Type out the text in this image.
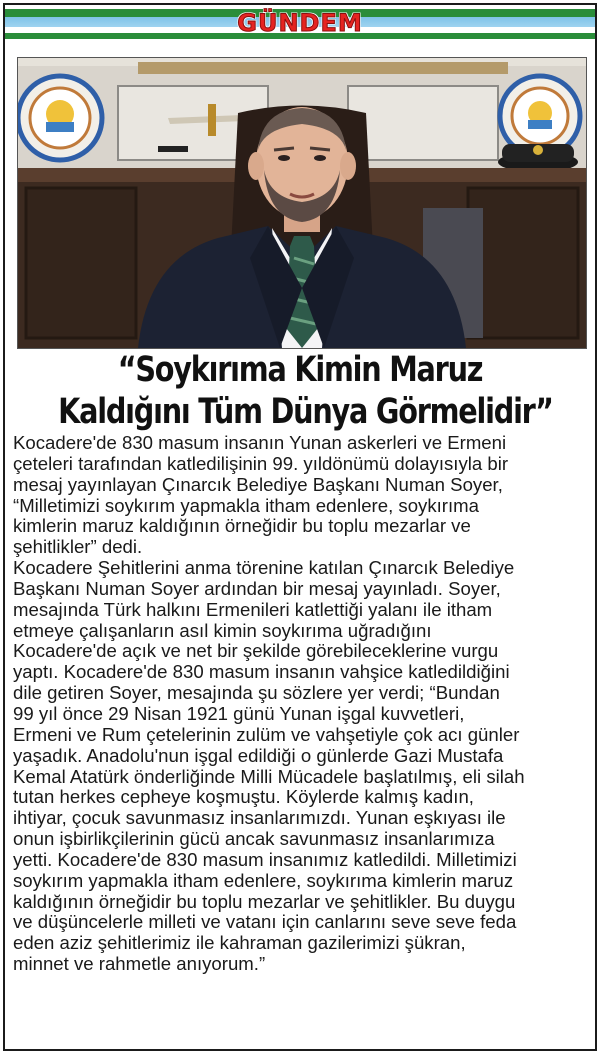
GÜNDEM
“Soykırıma Kimin Maruz
Kaldığını Tüm Dünya Görmelidir”
Kocadere'de 830 masum insanın Yunan askerleri ve Ermeni
çeteleri tarafından katledilişinin 99. yıldönümü dolayısıyla bir
mesaj yayınlayan Çınarcık Belediye Başkanı Numan Soyer,
“Milletimizi soykırım yapmakla itham edenlere, soykırıma
kimlerin maruz kaldığının örneğidir bu toplu mezarlar ve
şehitlikler” dedi.
Kocadere Şehitlerini anma törenine katılan Çınarcık Belediye
Başkanı Numan Soyer ardından bir mesaj yayınladı. Soyer,
mesajında Türk halkını Ermenileri katlettiği yalanı ile itham
etmeye çalışanların asıl kimin soykırıma uğradığını
Kocadere'de açık ve net bir şekilde görebileceklerine vurgu
yaptı. Kocadere'de 830 masum insanın vahşice katledildiğini
dile getiren Soyer, mesajında şu sözlere yer verdi; “Bundan
99 yıl önce 29 Nisan 1921 günü Yunan işgal kuvvetleri,
Ermeni ve Rum çetelerinin zulüm ve vahşetiyle çok acı günler
yaşadık. Anadolu'nun işgal edildiği o günlerde Gazi Mustafa
Kemal Atatürk önderliğinde Milli Mücadele başlatılmış, eli silah
tutan herkes cepheye koşmuştu. Köylerde kalmış kadın,
ihtiyar, çocuk savunmasız insanlarımızdı. Yunan eşkıyası ile
onun işbirlikçilerinin gücü ancak savunmasız insanlarımıza
yetti. Kocadere'de 830 masum insanımız katledildi. Milletimizi
soykırım yapmakla itham edenlere, soykırıma kimlerin maruz
kaldığının örneğidir bu toplu mezarlar ve şehitlikler. Bu duygu
ve düşüncelerle milleti ve vatanı için canlarını seve seve feda
eden aziz şehitlerimiz ile kahraman gazilerimizi şükran,
minnet ve rahmetle anıyorum.”
